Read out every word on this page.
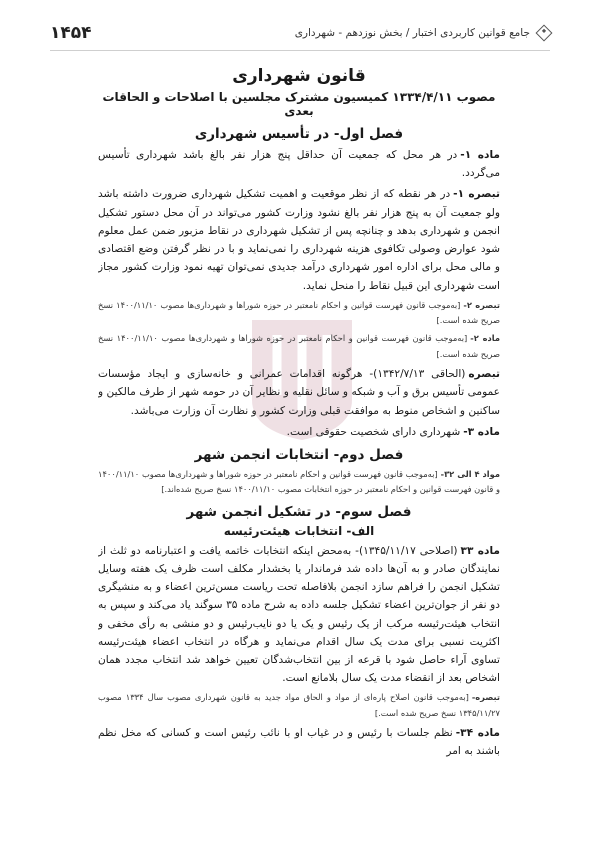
جامع قوانین کاربردی اختبار / بخش نوزدهم - شهرداری
۱۴۵۴
قانون شهرداری
مصوب ۱۳۳۴/۴/۱۱ کمیسیون مشترک مجلسین با اصلاحات و الحاقات بعدی
فصل اول- در تأسیس شهرداری

ماده ۱-در هر محل که جمعیت آن حداقل پنج هزار نفر بالغ باشد شهرداری تأسیس می‌گردد.

تبصره ۱-در هر نقطه که از نظر موقعیت و اهمیت تشکیل شهرداری ضرورت داشته باشد ولو جمعیت آن به پنج هزار نفر بالغ نشود وزارت کشور می‌تواند در آن محل دستور تشکیل انجمن و شهرداری بدهد و چنانچه پس از تشکیل شهرداری در نقاط مزبور ضمن عمل معلوم شود عوارض وصولی تکافوی هزینه شهرداری را نمی‌نماید و با در نظر گرفتن وضع اقتصادی و مالی محل برای اداره امور شهرداری درآمد جدیدی نمی‌توان تهیه نمود وزارت کشور مجاز است شهرداری این قبیل نقاط را منحل نماید.

تبصره ۲-[به‌موجب قانون فهرست قوانین و احکام نامعتبر در حوزه شوراها و شهرداری‌ها مصوب ۱۴۰۰/۱۱/۱۰ نسخ صریح شده است.]

ماده ۲-[به‌موجب قانون فهرست قوانین و احکام نامعتبر در حوزه شوراها و شهرداری‌ها مصوب ۱۴۰۰/۱۱/۱۰ نسخ صریح شده است.]

تبصره(الحاقی ۱۳۴۲/۷/۱۳)- هرگونه اقدامات عمرانی و خانه‌سازی و ایجاد مؤسسات عمومی تأسیس برق و آب و شبکه و سائل نقلیه و نظایر آن در حومه شهر از طرف مالکین و ساکنین و اشخاص منوط به موافقت قبلی وزارت کشور و نظارت آن وزارت می‌باشد.

ماده ۳-شهرداری دارای شخصیت حقوقی است.

فصل دوم- انتخابات انجمن شهر

مواد ۴ الی ۳۲-[به‌موجب قانون فهرست قوانین و احکام نامعتبر در حوزه شوراها و شهرداری‌ها مصوب ۱۴۰۰/۱۱/۱۰ و قانون فهرست قوانین و احکام نامعتبر در حوزه انتخابات مصوب ۱۴۰۰/۱۱/۱۰ نسخ صریح شده‌اند.]

فصل سوم- در تشکیل انجمن شهر
الف- انتخابات هیئت‌رئیسه

ماده ۳۳(اصلاحی ۱۳۴۵/۱۱/۱۷)- به‌محض اینکه انتخابات خاتمه یافت و اعتبارنامه دو ثلث از نمایندگان صادر و به آن‌ها داده شد فرماندار یا بخشدار مکلف است ظرف یک هفته وسایل تشکیل انجمن را فراهم سازد انجمن بلافاصله تحت ریاست مسن‌ترین اعضاء و به منشیگری دو نفر از جوان‌ترین اعضاء تشکیل جلسه داده به شرح ماده ۳۵ سوگند یاد می‌کند و سپس به انتخاب هیئت‌رئیسه مرکب از یک رئیس و یک یا دو نایب‌رئیس و دو منشی به رأی مخفی و اکثریت نسبی برای مدت یک سال اقدام می‌نماید و هرگاه در انتخاب اعضاء هیئت‌رئیسه تساوی آراء حاصل شود با قرعه از بین انتخاب‌شدگان تعیین خواهد شد انتخاب مجدد همان اشخاص بعد از انقضاء مدت یک سال بلامانع است.

تبصره-[به‌موجب قانون اصلاح پاره‌ای از مواد و الحاق مواد جدید به قانون شهرداری مصوب سال ۱۳۳۴ مصوب ۱۳۴۵/۱۱/۲۷ نسخ صریح شده است.]

ماده ۳۴-نظم جلسات با رئیس و در غیاب او با نائب رئیس است و کسانی که مخل نظم باشند به امر
